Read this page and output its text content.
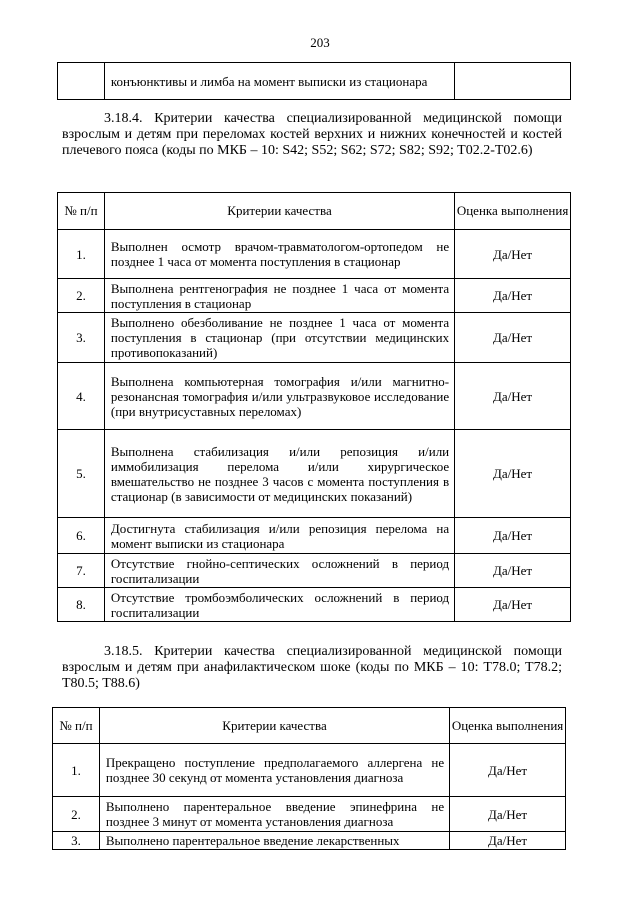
203
	конъюнктивы и лимба на момент выписки из стационара	

3.18.4. Критерии качества специализированной медицинской помощи взрослым и детям при переломах костей верхних и нижних конечностей и костей плечевого пояса (коды по МКБ – 10: S42; S52; S62; S72; S82; S92; T02.2-T02.6)

№ п/п	Критерии качества	Оценка выполнения
1.	Выполнен осмотр врачом-травматологом-ортопедом не позднее 1 часа от момента поступления в стационар	Да/Нет
2.	Выполнена рентгенография не позднее 1 часа от момента поступления в стационар	Да/Нет
3.	Выполнено обезболивание не позднее 1 часа от момента поступления в стационар (при отсутствии медицинских противопоказаний)	Да/Нет
4.	Выполнена компьютерная томография и/или магнитно-резонансная томография и/или ультразвуковое исследование (при внутрисуставных переломах)	Да/Нет
5.	Выполнена стабилизация и/или репозиция и/или иммобилизация перелома и/или хирургическое вмешательство не позднее 3 часов с момента поступления в стационар (в зависимости от медицинских показаний)	Да/Нет
6.	Достигнута стабилизация и/или репозиция перелома на момент выписки из стационара	Да/Нет
7.	Отсутствие гнойно-септических осложнений в период госпитализации	Да/Нет
8.	Отсутствие тромбоэмболических осложнений в период госпитализации	Да/Нет

3.18.5. Критерии качества специализированной медицинской помощи взрослым и детям при анафилактическом шоке (коды по МКБ – 10: T78.0; T78.2; T80.5; T88.6)

№ п/п	Критерии качества	Оценка выполнения
1.	Прекращено поступление предполагаемого аллергена не позднее 30 секунд от момента установления диагноза	Да/Нет
2.	Выполнено парентеральное введение эпинефрина не позднее 3 минут от момента установления диагноза	Да/Нет
3.	Выполнено парентеральное введение лекарственных	Да/Нет
